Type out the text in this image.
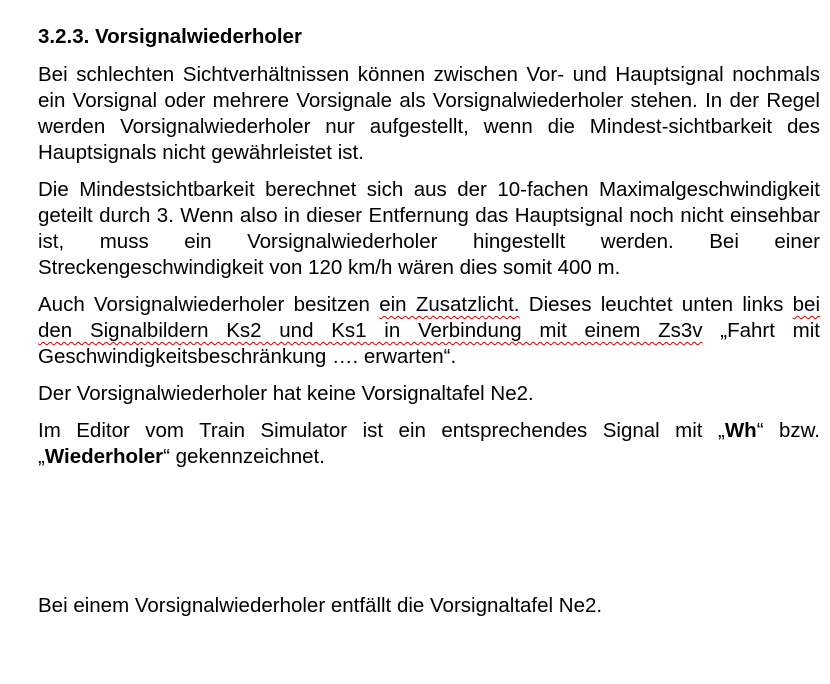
3.2.3. Vorsignalwiederholer

Bei schlechten Sichtverhältnissen können zwischen Vor- und Hauptsignal nochmals ein Vorsignal oder mehrere Vorsignale als Vorsignalwiederholer stehen. In der Regel werden Vorsignalwiederholer nur aufgestellt, wenn die Mindest-sichtbarkeit des Hauptsignals nicht gewährleistet ist.

Die Mindestsichtbarkeit berechnet sich aus der 10-fachen Maximalgeschwindigkeit geteilt durch 3. Wenn also in dieser Entfernung das Hauptsignal noch nicht einsehbar ist, muss ein Vorsignalwiederholer hingestellt werden. Bei einer Streckengeschwindigkeit von 120 km/h wären dies somit 400 m.

Auch Vorsignalwiederholer besitzen ein Zusatzlicht. Dieses leuchtet unten links bei den Signalbildern Ks2 und Ks1 in Verbindung mit einem Zs3v „Fahrt mit Geschwindigkeitsbeschränkung …. erwarten“.

Der Vorsignalwiederholer hat keine Vorsignaltafel Ne2.

Im Editor vom Train Simulator ist ein entsprechendes Signal mit „Wh“ bzw. „Wiederholer“ gekennzeichnet.

Bei einem Vorsignalwiederholer entfällt die Vorsignaltafel Ne2.
